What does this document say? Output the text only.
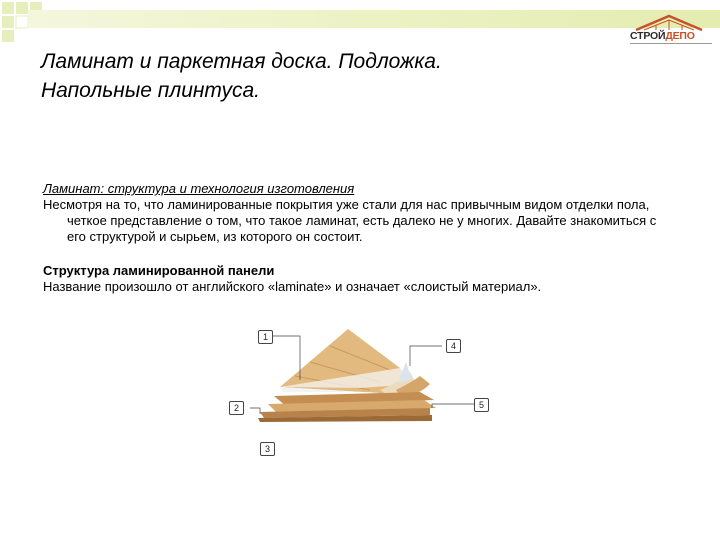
СТРОЙДЕПО
Ламинат и паркетная доска. Подложка.
Напольные плинтуса.

Ламинат: структура и технология изготовления

Несмотря на то, что ламинированные покрытия уже стали для нас привычным видом отделки пола, четкое представление о том, что такое ламинат, есть далеко не у многих. Давайте знакомиться с его структурой и сырьем, из которого он состоит.

Структура ламинированной панели

Название произошло от английского «laminate» и означает «слоистый материал».

1
2
3
4
5
